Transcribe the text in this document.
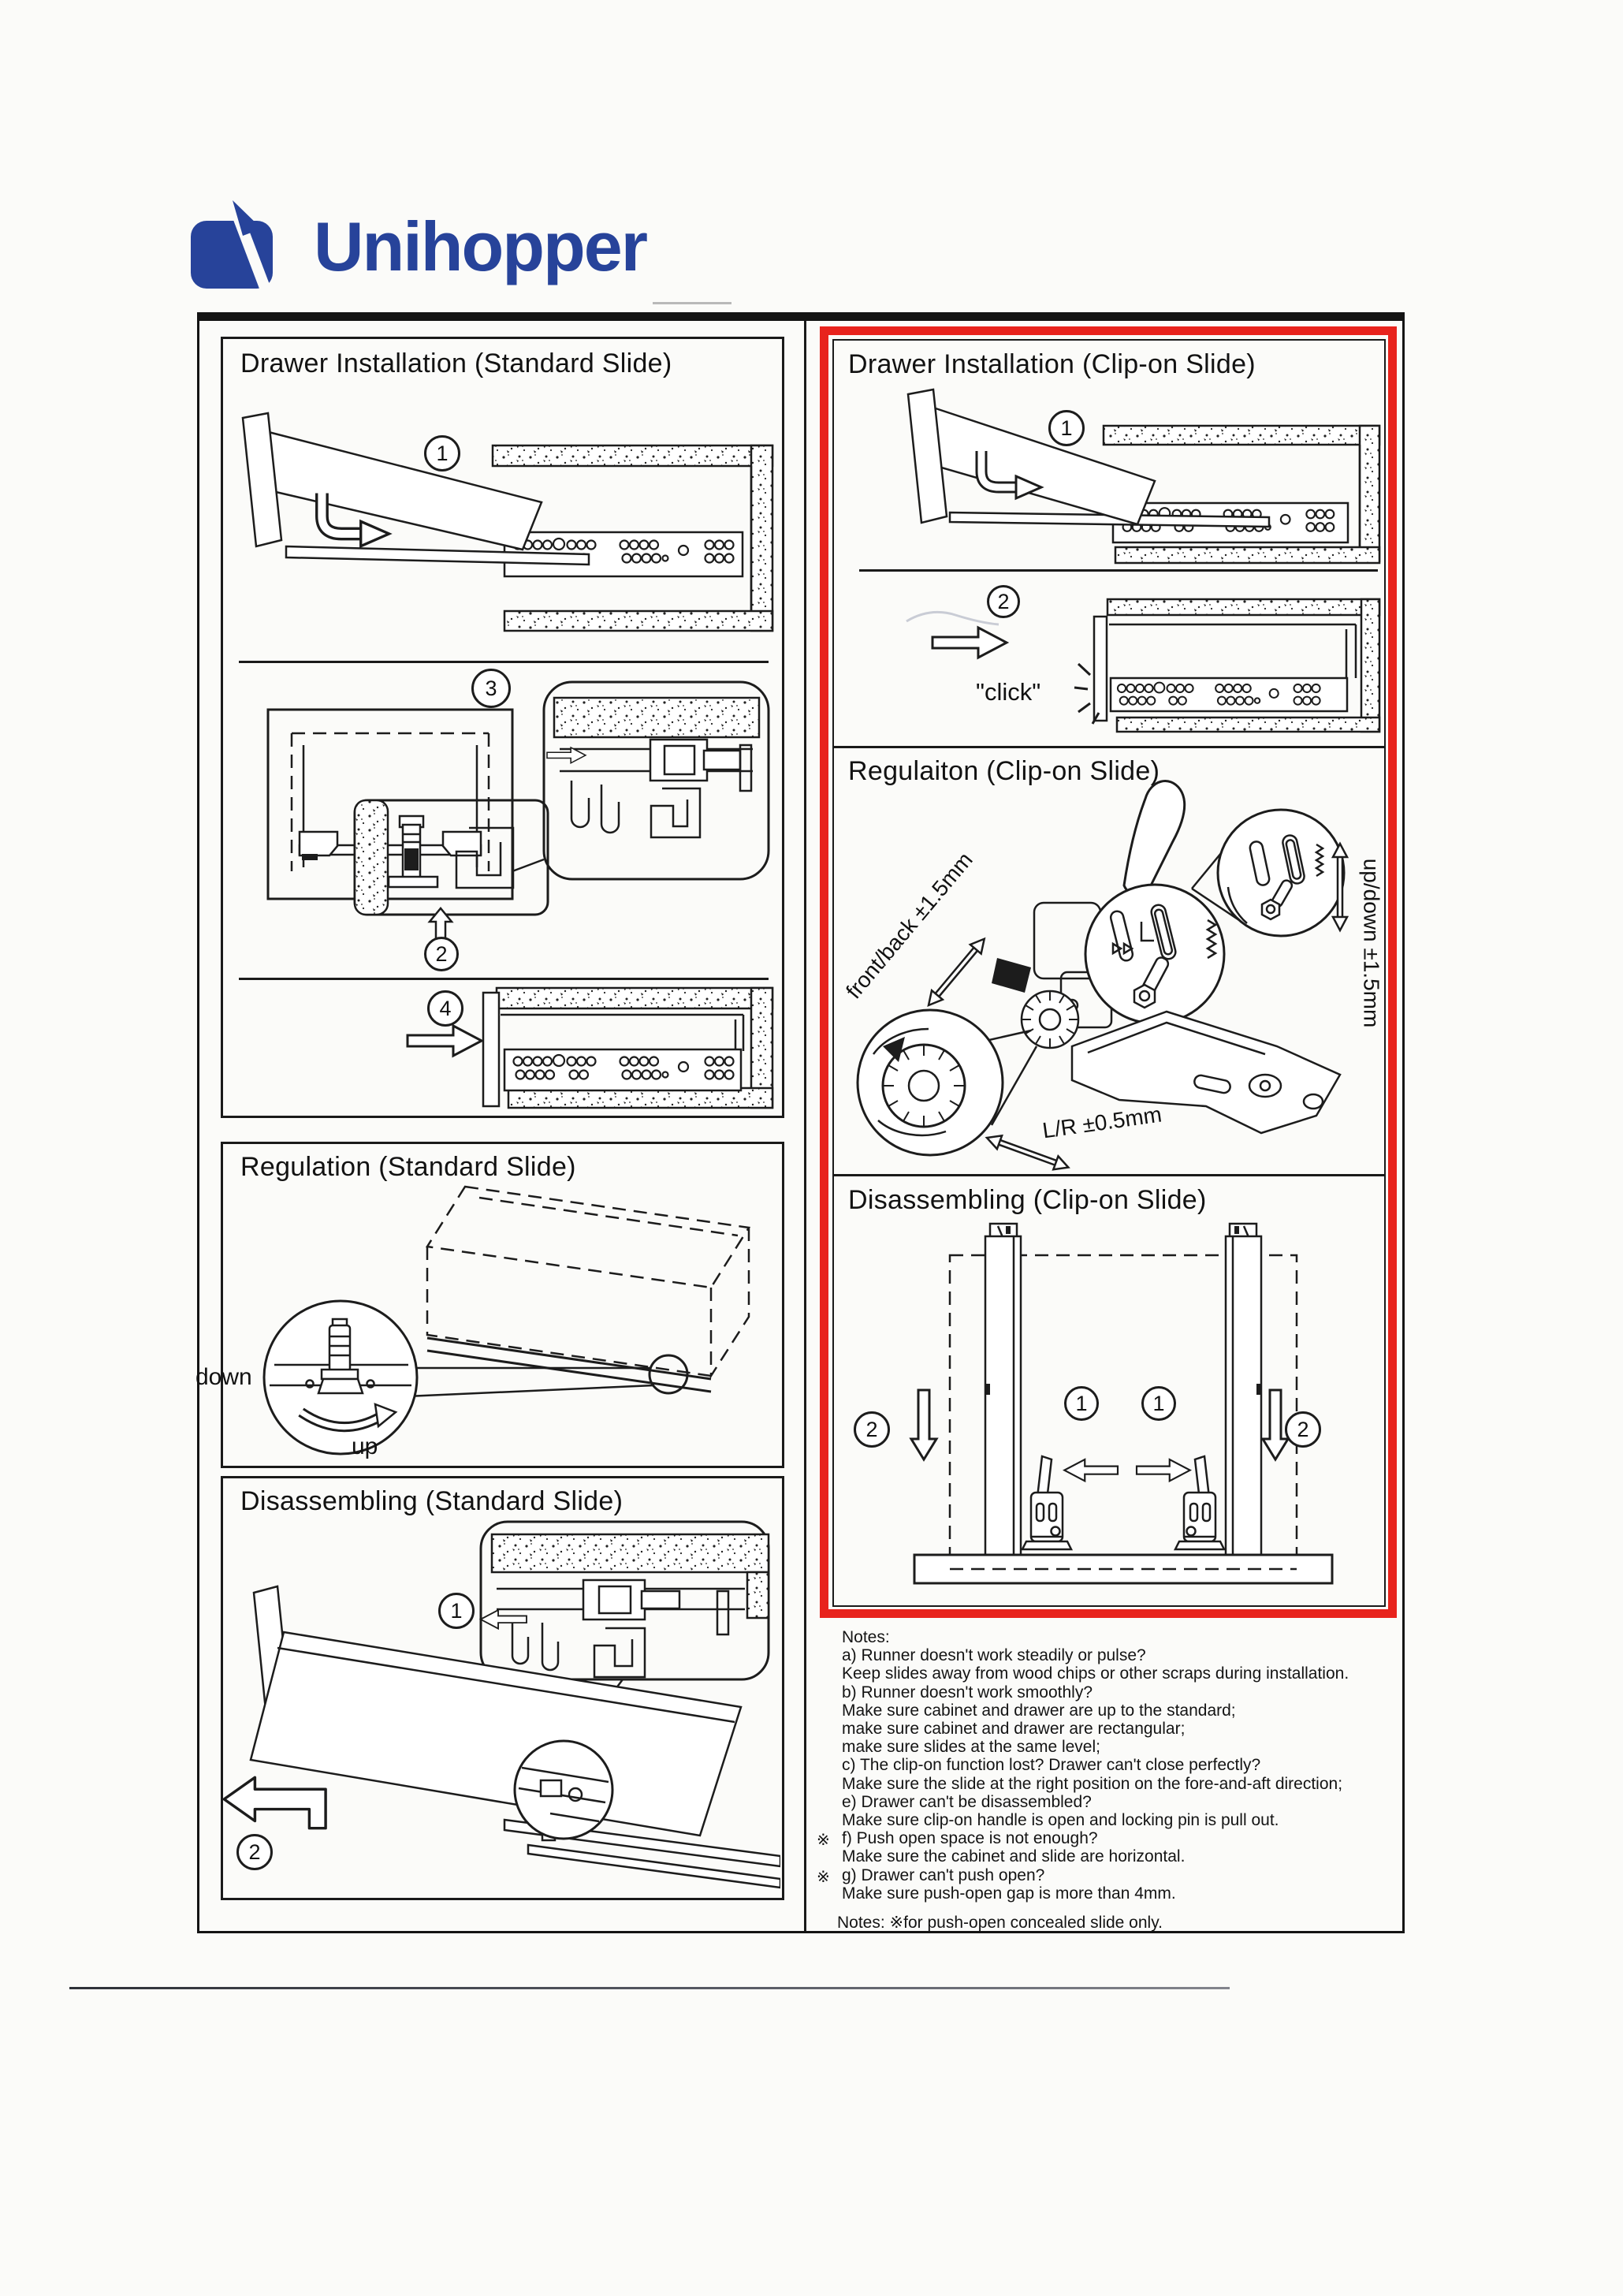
Unihopper
Drawer Installation (Standard Slide)
1
3
2
4
Regulation (Standard Slide)
down
up
Disassembling (Standard Slide)
1
2
Drawer Installation (Clip-on Slide)
1
2
"click"
Regulaiton (Clip-on Slide)
front/back ±1.5mm	up/down ±1.5mm
L/R ±0.5mm
Disassembling (Clip-on Slide)
1	1
2	2
Notes:
a) Runner doesn't work steadily or pulse?
Keep slides away from wood chips or other scraps during installation.
b) Runner doesn't work smoothly?
Make sure cabinet and drawer are up to the standard;
make sure cabinet and drawer are rectangular;
make sure slides at the same level;
c) The clip-on function lost? Drawer can't close perfectly?
Make sure the slide at the right position on the fore-and-aft direction;
e) Drawer can't be disassembled?
Make sure clip-on handle is open and locking pin is pull out.
※ f) Push open space is not enough?
Make sure the cabinet and slide are horizontal.
※ g) Drawer can't push open?
Make sure push-open gap is more than 4mm.
Notes: ※for push-open concealed slide only.
